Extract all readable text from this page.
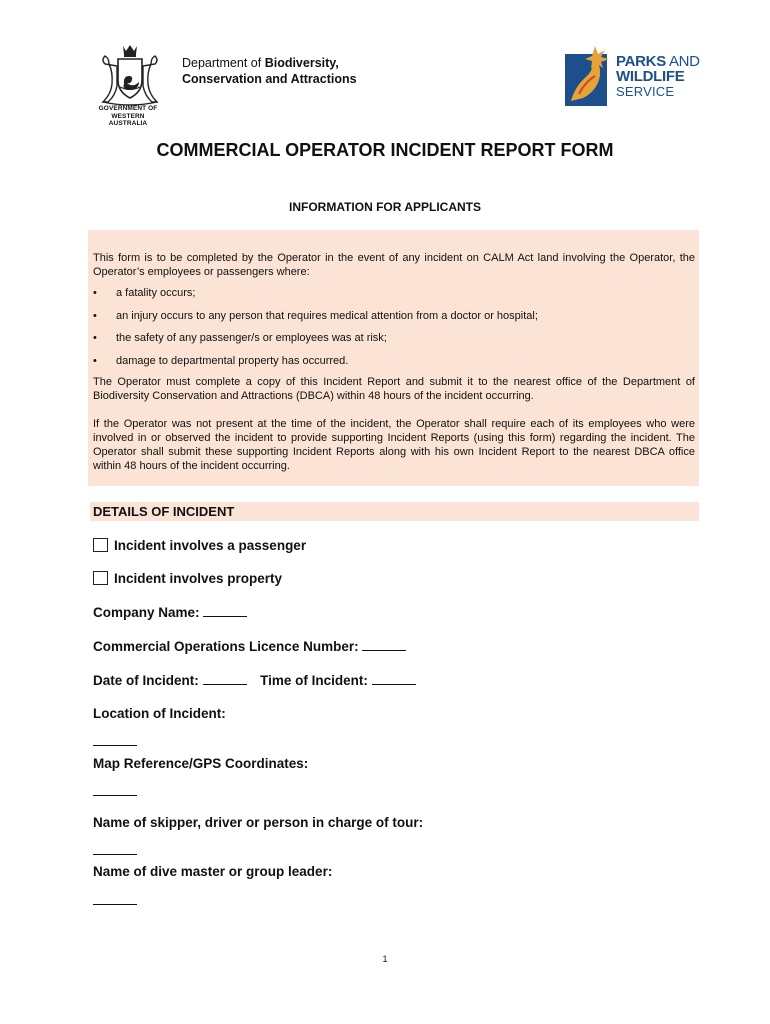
GOVERNMENT OF
WESTERN AUSTRALIA
Department of Biodiversity,
Conservation and Attractions
PARKS AND
WILDLIFE
SERVICE
COMMERCIAL OPERATOR INCIDENT REPORT FORM
INFORMATION FOR APPLICANTS
This form is to be completed by the Operator in the event of any incident on CALM Act land involving the Operator, the Operator’s employees or passengers where:
• a fatality occurs;
• an injury occurs to any person that requires medical attention from a doctor or hospital;
• the safety of any passenger/s or employees was at risk;
• damage to departmental property has occurred.
The Operator must complete a copy of this Incident Report and submit it to the nearest office of the Department of Biodiversity Conservation and Attractions (DBCA) within 48 hours of the incident occurring.
If the Operator was not present at the time of the incident, the Operator shall require each of its employees who were involved in or observed the incident to provide supporting Incident Reports (using this form) regarding the incident. The Operator shall submit these supporting Incident Reports along with his own Incident Report to the nearest DBCA office within 48 hours of the incident occurring.
DETAILS OF INCIDENT
Incident involves a passenger
Incident involves property
Company Name:
Commercial Operations Licence Number:
Date of Incident:	Time of Incident:
Location of Incident:
Map Reference/GPS Coordinates:
Name of skipper, driver or person in charge of tour:
Name of dive master or group leader:
1
